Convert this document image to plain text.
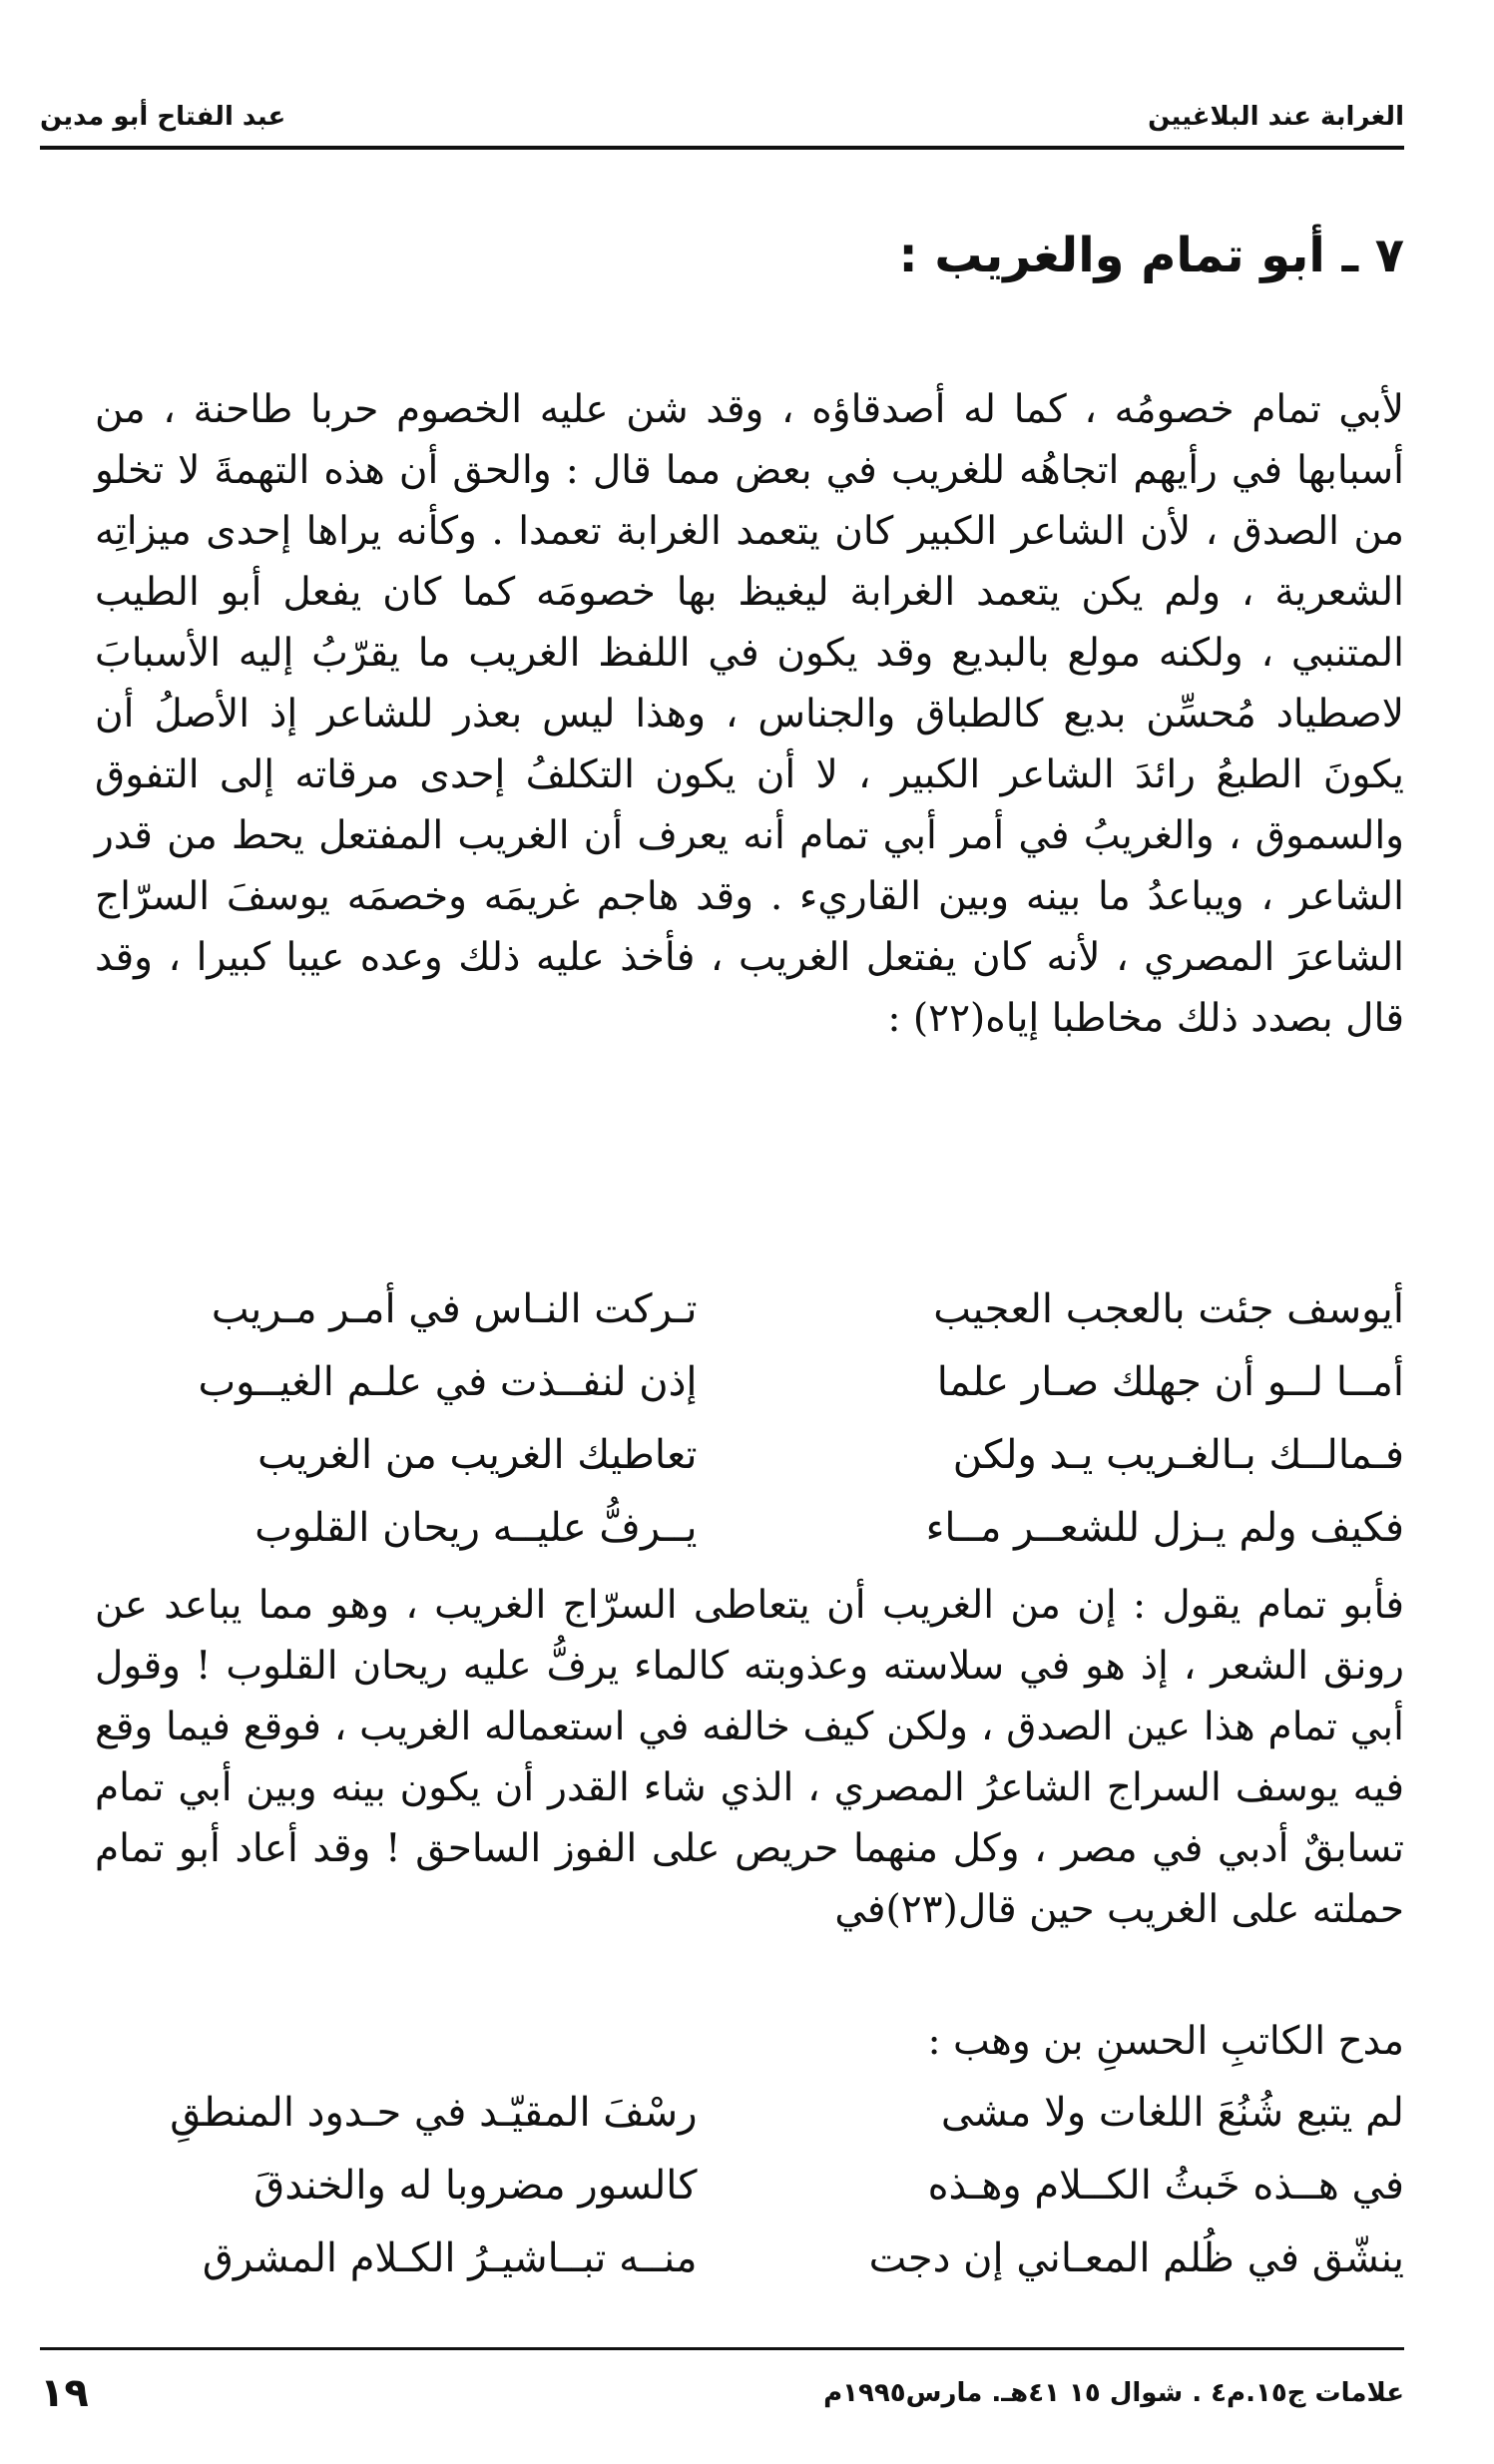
الغرابة عند البلاغيين
عبد الفتاح أبو مدين
٧ ـ أبو تمام والغريب :
لأبي تمام خصومُه ، كما له أصدقاؤه ، وقد شن عليه الخصوم حربا طاحنة ، من أسبابها في رأيهم اتجاهُه للغريب في بعض مما قال : والحق أن هذه التهمةَ لا تخلو من الصدق ، لأن الشاعر الكبير كان يتعمد الغرابة تعمدا . وكأنه يراها إحدى ميزاتِه الشعرية ، ولم يكن يتعمد الغرابة ليغيظ بها خصومَه كما كان يفعل أبو الطيب المتنبي ، ولكنه مولع بالبديع وقد يكون في اللفظ الغريب ما يقرّبُ إليه الأسبابَ لاصطياد مُحسِّن بديع كالطباق والجناس ، وهذا ليس بعذر للشاعر إذ الأصلُ أن يكونَ الطبعُ رائدَ الشاعر الكبير ، لا أن يكون التكلفُ إحدى مرقاته إلى التفوق والسموق ، والغريبُ في أمر أبي تمام أنه يعرف أن الغريب المفتعل يحط من قدر الشاعر ، ويباعدُ ما بينه وبين القاريء . وقد هاجم غريمَه وخصمَه يوسفَ السرّاج الشاعرَ المصري ، لأنه كان يفتعل الغريب ، فأخذ عليه ذلك وعده عيبا كبيرا ، وقد قال بصدد ذلك مخاطبا إياه(٢٢) :
أيوسف جئت بالعجب العجيب
تـركت النـاس في أمـر مـريب
أمــا لــو أن جهلك صـار علما
إذن لنفــذت في علـم الغيــوب
فـمالــك بـالغـريب يـد ولكن
تعاطيك الغريب من الغريب
فكيف ولم يـزل للشعــر مــاء
يــرفُّ عليــه ريحان القلوب
فأبو تمام يقول : إن من الغريب أن يتعاطى السرّاج الغريب ، وهو مما يباعد عن رونق الشعر ، إذ هو في سلاسته وعذوبته كالماء يرفُّ عليه ريحان القلوب ! وقول أبي تمام هذا عين الصدق ، ولكن كيف خالفه في استعماله الغريب ، فوقع فيما وقع فيه يوسف السراج الشاعرُ المصري ، الذي شاء القدر أن يكون بينه وبين أبي تمام تسابقٌ أدبي في مصر ، وكل منهما حريص على الفوز الساحق ! وقد أعاد أبو تمام حملته على الغريب حين قال(٢٣)في
مدح الكاتبِ الحسنِ بن وهب :
لم يتبع شُنُعَ اللغات ولا مشى
رسْفَ المقيّـد في حـدود المنطقِ
في هــذه خَبثُ الكــلام وهـذه
كالسور مضروبا له والخندقَ
ينشّق في ظُلم المعـاني إن دجت
منــه تبــاشيـرُ الكـلام المشرق
علامات ج١٥.م٤ . شوال ١٥ ٤١هـ. مارس١٩٩٥م
١٩
